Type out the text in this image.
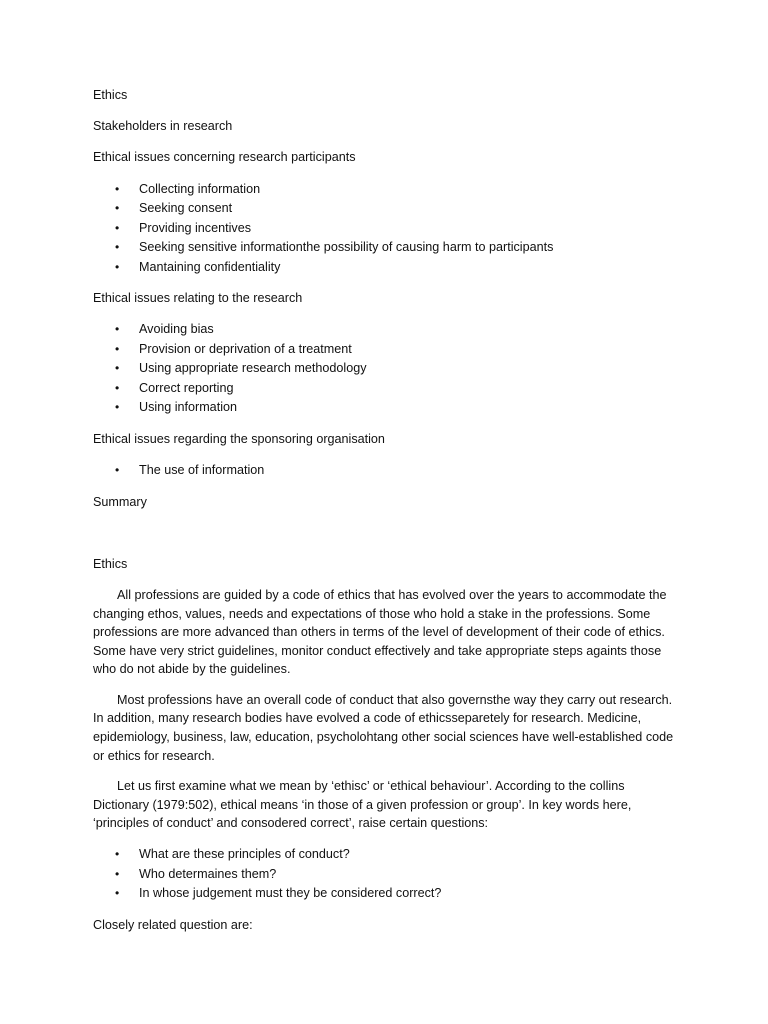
Ethics

Stakeholders in research

Ethical issues concerning research participants

• Collecting information
• Seeking consent
• Providing incentives
• Seeking sensitive informationthe possibility of causing harm to participants
• Mantaining confidentiality

Ethical issues relating to the research

• Avoiding bias
• Provision or deprivation of a treatment
• Using appropriate research methodology
• Correct reporting
• Using information

Ethical issues regarding the sponsoring organisation

• The use of information

Summary

Ethics

All professions are guided by a code of ethics that has evolved over the years to accommodate the changing ethos, values, needs and expectations of those who hold a stake in the professions. Some professions are more advanced than others in terms of the level of development of their code of ethics. Some have very strict guidelines, monitor conduct effectively and take appropriate steps againts those who do not abide by the guidelines.

Most professions have an overall code of conduct that also governsthe way they carry out research. In addition, many research bodies have evolved a code of ethicsseparetely for research. Medicine, epidemiology, business, law, education, psycholohtang other social sciences have well-established code or ethics for research.

Let us first examine what we mean by ‘ethisc’ or ‘ethical behaviour’. According to the collins Dictionary (1979:502), ethical means ‘in those of a given profession or group’. In key words here, ‘principles of conduct’ and consodered correct’, raise certain questions:

• What are these principles of conduct?
• Who determaines them?
• In whose judgement must they be considered correct?

Closely related question are:
